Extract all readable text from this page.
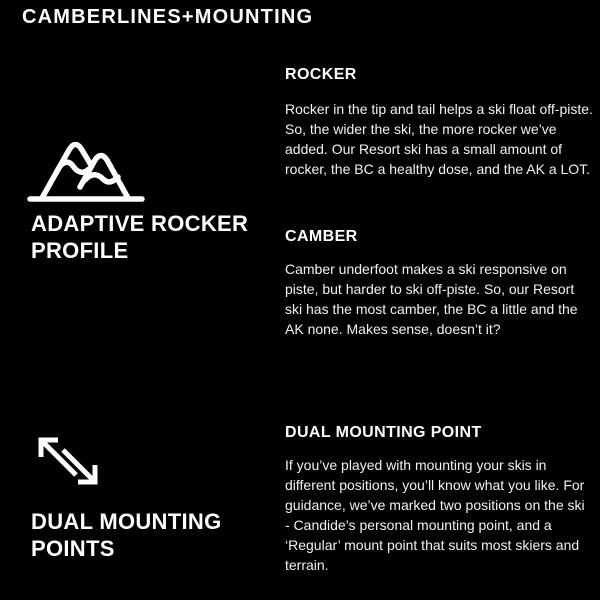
CAMBERLINES+MOUNTING
ADAPTIVE ROCKER PROFILE
DUAL MOUNTING POINTS
ROCKER
Rocker in the tip and tail helps a ski float off-piste. So, the wider the ski, the more rocker we’ve added. Our Resort ski has a small amount of rocker, the BC a healthy dose, and the AK a LOT.
CAMBER
Camber underfoot makes a ski responsive on piste, but harder to ski off-piste. So, our Resort ski has the most camber, the BC a little and the AK none. Makes sense, doesn’t it?
DUAL MOUNTING POINT
If you’ve played with mounting your skis in different positions, you’ll know what you like. For guidance, we’ve marked two positions on the ski - Candide’s personal mounting point, and a ‘Regular’ mount point that suits most skiers and terrain.
